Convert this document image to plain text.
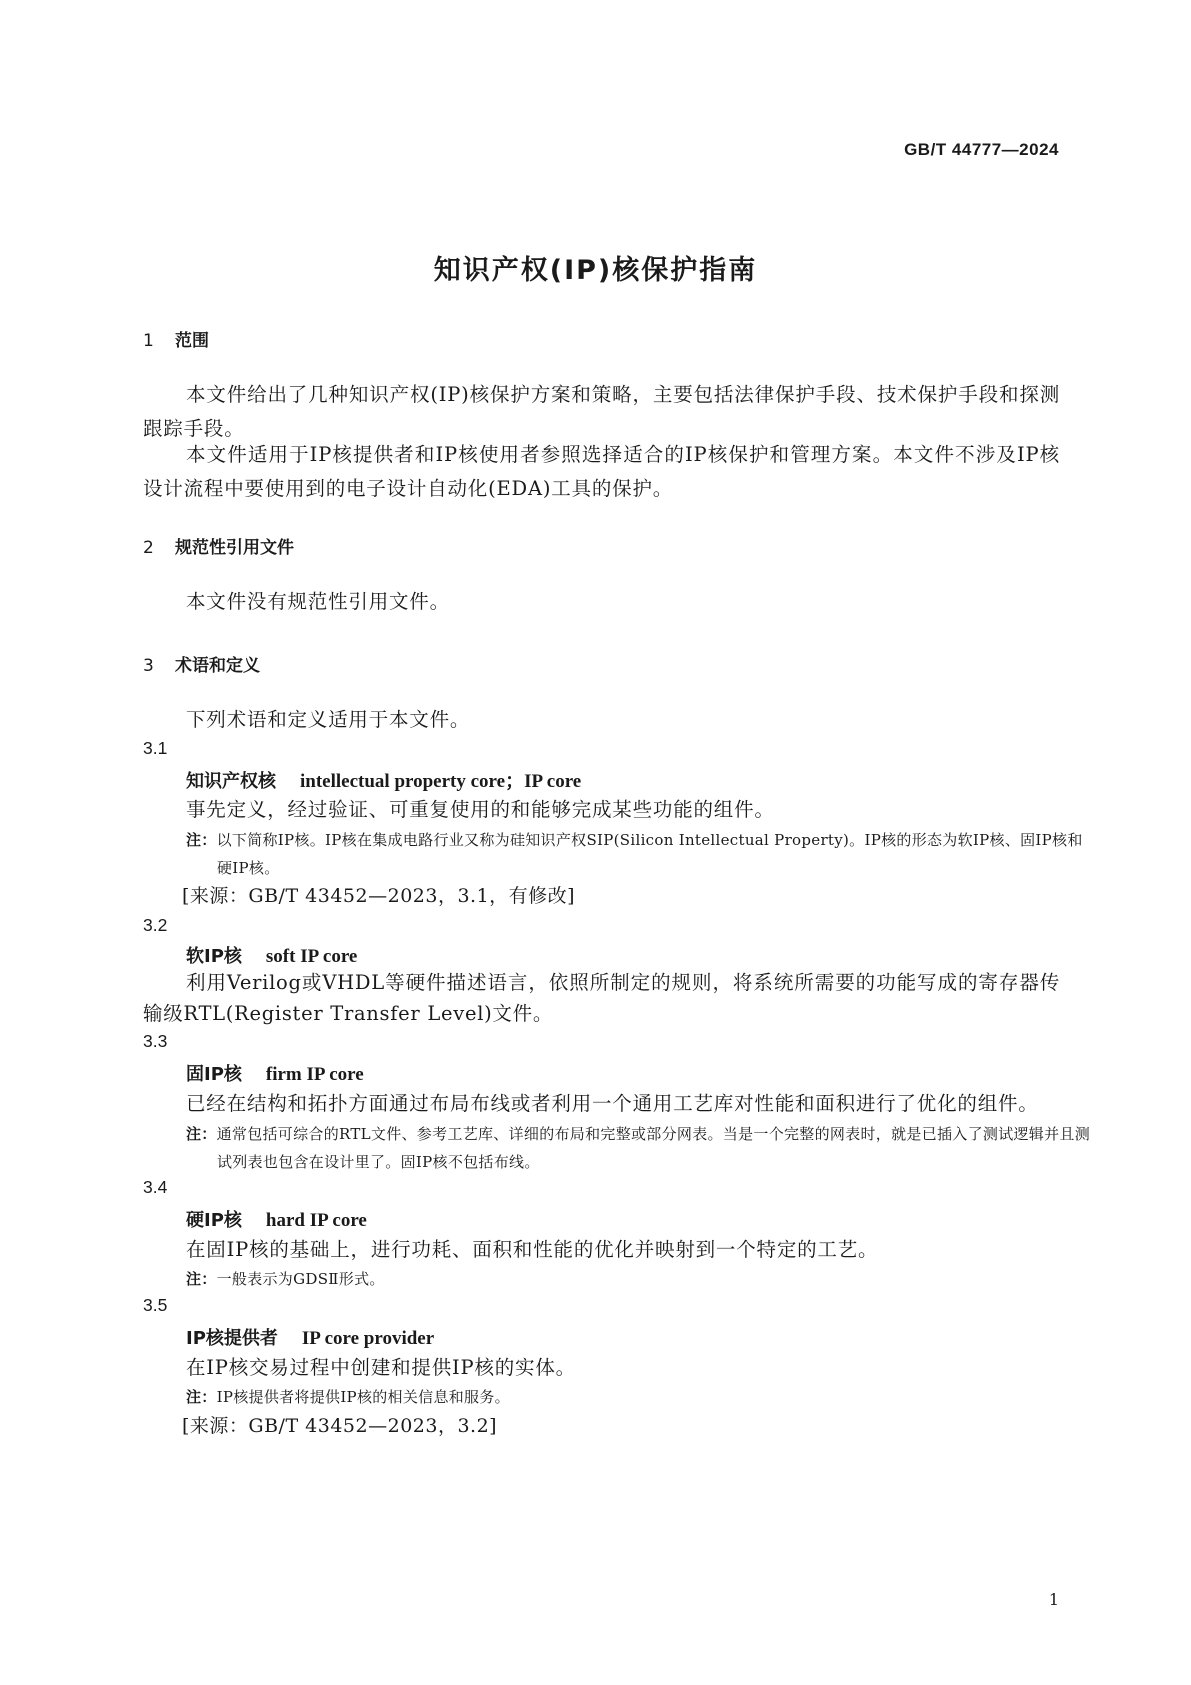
GB/T 44777—2024
知识产权(IP)核保护指南
1 范围
本文件给出了几种知识产权(IP)核保护方案和策略，主要包括法律保护手段、技术保护手段和探测跟踪手段。
本文件适用于IP核提供者和IP核使用者参照选择适合的IP核保护和管理方案。本文件不涉及IP核设计流程中要使用到的电子设计自动化(EDA)工具的保护。
2 规范性引用文件
本文件没有规范性引用文件。
3 术语和定义
下列术语和定义适用于本文件。
3.1
知识产权核 intellectual property core；IP core
事先定义，经过验证、可重复使用的和能够完成某些功能的组件。
注：以下简称IP核。IP核在集成电路行业又称为硅知识产权SIP(Silicon Intellectual Property)。IP核的形态为软IP核、固IP核和硬IP核。
[来源：GB/T 43452—2023，3.1，有修改]
3.2
软IP核 soft IP core
利用Verilog或VHDL等硬件描述语言，依照所制定的规则，将系统所需要的功能写成的寄存器传输级RTL(Register Transfer Level)文件。
3.3
固IP核 firm IP core
已经在结构和拓扑方面通过布局布线或者利用一个通用工艺库对性能和面积进行了优化的组件。
注：通常包括可综合的RTL文件、参考工艺库、详细的布局和完整或部分网表。当是一个完整的网表时，就是已插入了测试逻辑并且测试列表也包含在设计里了。固IP核不包括布线。
3.4
硬IP核 hard IP core
在固IP核的基础上，进行功耗、面积和性能的优化并映射到一个特定的工艺。
注：一般表示为GDSⅡ形式。
3.5
IP核提供者 IP core provider
在IP核交易过程中创建和提供IP核的实体。
注：IP核提供者将提供IP核的相关信息和服务。
[来源：GB/T 43452—2023，3.2]
1
